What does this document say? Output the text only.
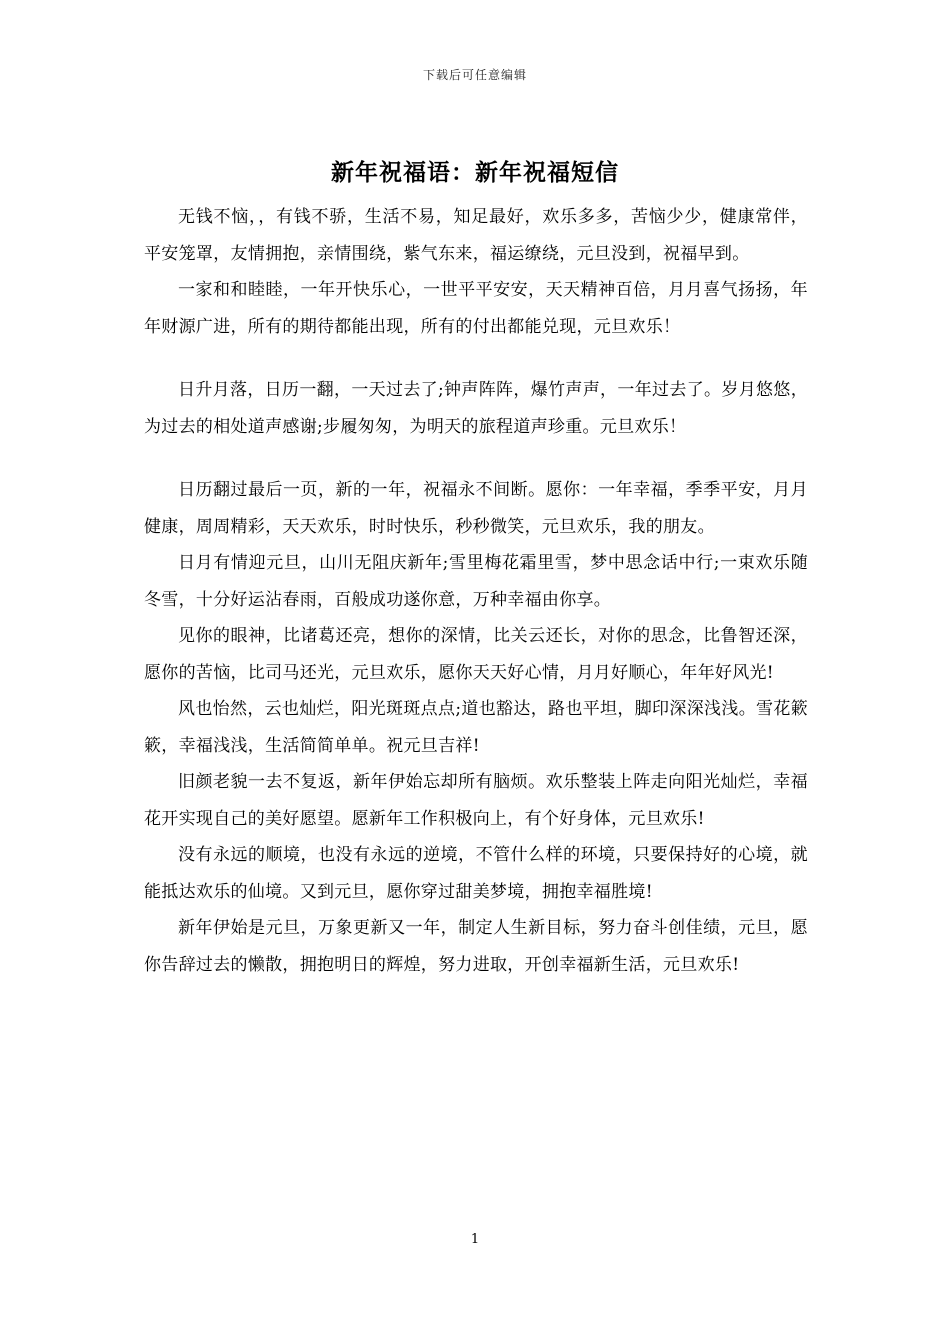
下载后可任意编辑
新年祝福语：新年祝福短信

无钱不恼，，有钱不骄，生活不易，知足最好，欢乐多多，苦恼少少，健康常伴，平安笼罩，友情拥抱，亲情围绕，紫气东来，福运缭绕，元旦没到，祝福早到。

一家和和睦睦，一年开快乐心，一世平平安安，天天精神百倍，月月喜气扬扬，年年财源广进，所有的期待都能出现，所有的付出都能兑现，元旦欢乐！

日升月落，日历一翻，一天过去了;钟声阵阵，爆竹声声，一年过去了。岁月悠悠，为过去的相处道声感谢;步履匆匆，为明天的旅程道声珍重。元旦欢乐！

日历翻过最后一页，新的一年，祝福永不间断。愿你：一年幸福，季季平安，月月健康，周周精彩，天天欢乐，时时快乐，秒秒微笑，元旦欢乐，我的朋友。

日月有情迎元旦，山川无阻庆新年;雪里梅花霜里雪，梦中思念话中行;一束欢乐随冬雪，十分好运沾春雨，百般成功遂你意，万种幸福由你享。

见你的眼神，比诸葛还亮，想你的深情，比关云还长，对你的思念，比鲁智还深，愿你的苦恼，比司马还光，元旦欢乐，愿你天天好心情，月月好顺心，年年好风光!

风也怡然，云也灿烂，阳光斑斑点点;道也豁达，路也平坦，脚印深深浅浅。雪花簌簌，幸福浅浅，生活简简单单。祝元旦吉祥!

旧颜老貌一去不复返，新年伊始忘却所有脑烦。欢乐整装上阵走向阳光灿烂，幸福花开实现自己的美好愿望。愿新年工作积极向上，有个好身体，元旦欢乐!

没有永远的顺境，也没有永远的逆境，不管什么样的环境，只要保持好的心境，就能抵达欢乐的仙境。又到元旦，愿你穿过甜美梦境，拥抱幸福胜境!

新年伊始是元旦，万象更新又一年，制定人生新目标，努力奋斗创佳绩，元旦，愿你告辞过去的懒散，拥抱明日的辉煌，努力进取，开创幸福新生活，元旦欢乐!

1
